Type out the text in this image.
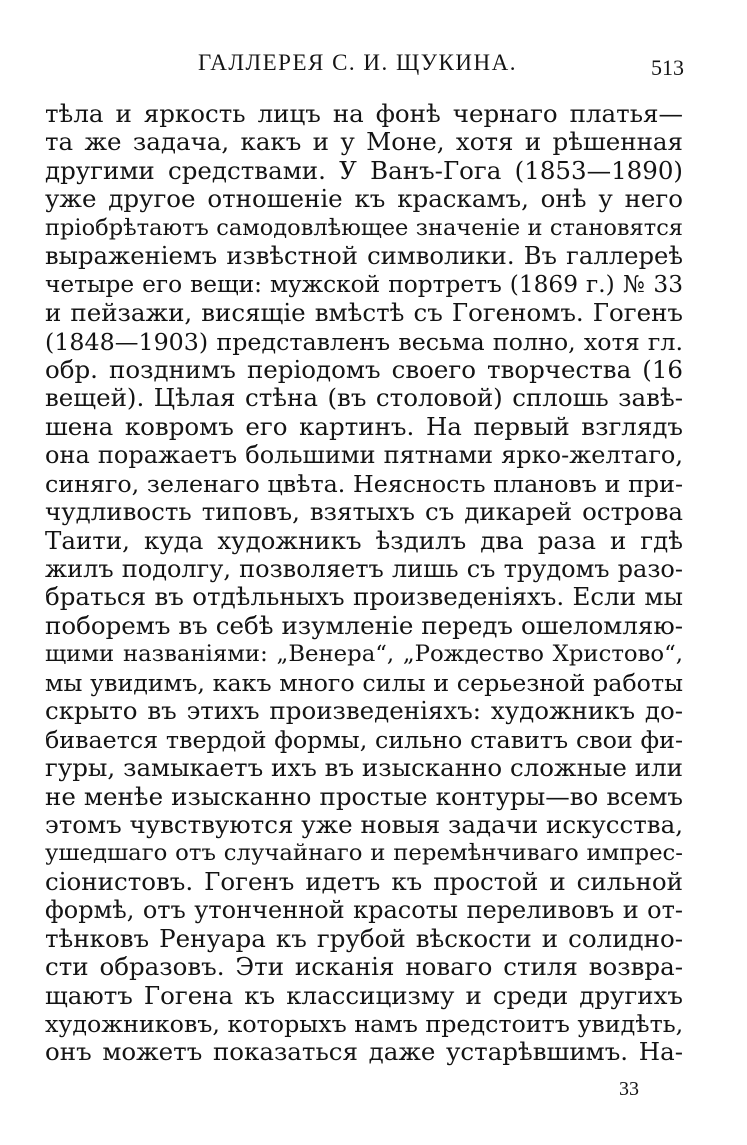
ГАЛЛЕРЕЯ С. И. ЩУКИНА.	513
тѣла и яркость лицъ на фонѣ чернаго платья—
та же задача, какъ и у Моне, хотя и рѣшенная
другими средствами. У Ванъ-Гога (1853—1890)
уже другое отношеніе къ краскамъ, онѣ у него
пріобрѣтаютъ самодовлѣющее значеніе и становятся
выраженіемъ извѣстной символики. Въ галлереѣ
четыре его вещи: мужской портретъ (1869 г.) № 33
и пейзажи, висящіе вмѣстѣ съ Гогеномъ. Гогенъ
(1848—1903) представленъ весьма полно, хотя гл.
обр. позднимъ періодомъ своего творчества (16
вещей). Цѣлая стѣна (въ столовой) сплошь завѣ-
шена ковромъ его картинъ. На первый взглядъ
она поражаетъ большими пятнами ярко-желтаго,
синяго, зеленаго цвѣта. Неясность плановъ и при-
чудливость типовъ, взятыхъ съ дикарей острова
Таити, куда художникъ ѣздилъ два раза и гдѣ
жилъ подолгу, позволяетъ лишь съ трудомъ разо-
браться въ отдѣльныхъ произведеніяхъ. Если мы
поборемъ въ себѣ изумленіе передъ ошеломляю-
щими названіями: „Венера“, „Рождество Христово“,
мы увидимъ, какъ много силы и серьезной работы
скрыто въ этихъ произведеніяхъ: художникъ до-
бивается твердой формы, сильно ставитъ свои фи-
гуры, замыкаетъ ихъ въ изысканно сложные или
не менѣе изысканно простые контуры—во всемъ
этомъ чувствуются уже новыя задачи искусства,
ушедшаго отъ случайнаго и перемѣнчиваго импрес-
сіонистовъ. Гогенъ идетъ къ простой и сильной
формѣ, отъ утонченной красоты переливовъ и от-
тѣнковъ Ренуара къ грубой вѣскости и солидно-
сти образовъ. Эти исканія новаго стиля возвра-
щаютъ Гогена къ классицизму и среди другихъ
художниковъ, которыхъ намъ предстоитъ увидѣть,
онъ можетъ показаться даже устарѣвшимъ. На-
33
